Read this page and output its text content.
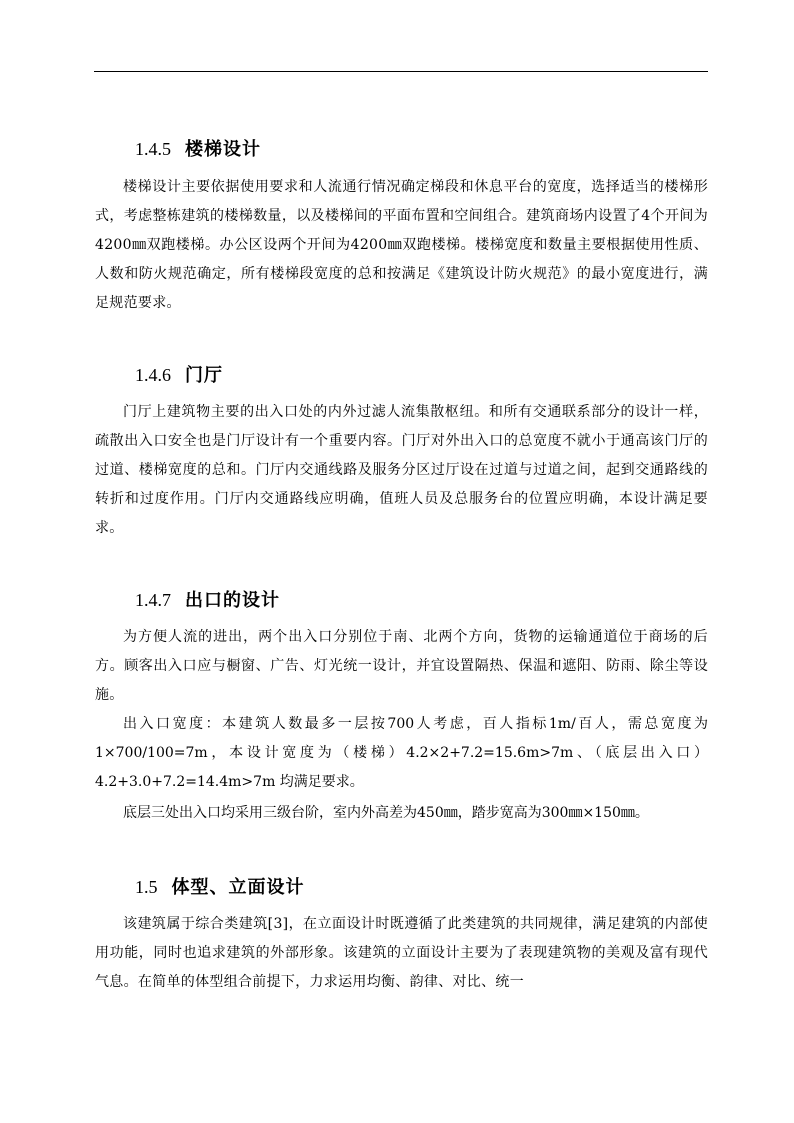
1.4.5 楼梯设计

楼梯设计主要依据使用要求和人流通行情况确定梯段和休息平台的宽度，选择适当的楼梯形式，考虑整栋建筑的楼梯数量，以及楼梯间的平面布置和空间组合。建筑商场内设置了4个开间为4200㎜双跑楼梯。办公区设两个开间为4200㎜双跑楼梯。楼梯宽度和数量主要根据使用性质、人数和防火规范确定，所有楼梯段宽度的总和按满足《建筑设计防火规范》的最小宽度进行，满足规范要求。

1.4.6 门厅

门厅上建筑物主要的出入口处的内外过滤人流集散枢纽。和所有交通联系部分的设计一样，疏散出入口安全也是门厅设计有一个重要内容。门厅对外出入口的总宽度不就小于通高该门厅的过道、楼梯宽度的总和。门厅内交通线路及服务分区过厅设在过道与过道之间，起到交通路线的转折和过度作用。门厅内交通路线应明确，值班人员及总服务台的位置应明确，本设计满足要求。

1.4.7 出口的设计

为方便人流的进出，两个出入口分别位于南、北两个方向，货物的运输通道位于商场的后方。顾客出入口应与橱窗、广告、灯光统一设计，并宜设置隔热、保温和遮阳、防雨、除尘等设施。

出入口宽度：本建筑人数最多一层按700人考虑，百人指标1m/百人，需总宽度为1×700/100=7m，本设计宽度为（楼梯）4.2×2+7.2=15.6m>7m、（底层出入口）4.2+3.0+7.2=14.4m>7m 均满足要求。

底层三处出入口均采用三级台阶，室内外高差为450㎜，踏步宽高为300㎜×150㎜。

1.5 体型、立面设计

该建筑属于综合类建筑[3]，在立面设计时既遵循了此类建筑的共同规律，满足建筑的内部使用功能，同时也追求建筑的外部形象。该建筑的立面设计主要为了表现建筑物的美观及富有现代气息。在简单的体型组合前提下，力求运用均衡、韵律、对比、统一
